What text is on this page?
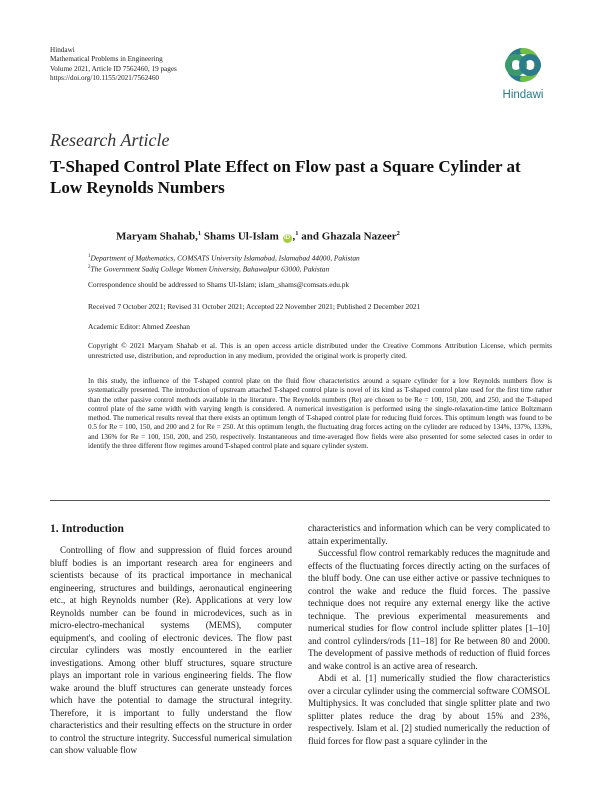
Hindawi
Mathematical Problems in Engineering
Volume 2021, Article ID 7562460, 19 pages
https://doi.org/10.1155/2021/7562460
Hindawi
Research Article
T-Shaped Control Plate Effect on Flow past a Square Cylinder at Low Reynolds Numbers
Maryam Shahab,$^1$ Shams Ul-Islam iD ,$^1$ and Ghazala Nazeer$^2$
$^1$Department of Mathematics, COMSATS University Islamabad, Islamabad 44000, Pakistan
$^2$The Government Sadiq College Women University, Bahawalpur 63000, Pakistan
Correspondence should be addressed to Shams Ul-Islam; islam_shams@comsats.edu.pk
Received 7 October 2021; Revised 31 October 2021; Accepted 22 November 2021; Published 2 December 2021
Academic Editor: Ahmed Zeeshan
Copyright © 2021 Maryam Shahab et al. This is an open access article distributed under the Creative Commons Attribution License, which permits unrestricted use, distribution, and reproduction in any medium, provided the original work is properly cited.
In this study, the influence of the T-shaped control plate on the fluid flow characteristics around a square cylinder for a low Reynolds numbers flow is systematically presented. The introduction of upstream attached T-shaped control plate is novel of its kind as T-shaped control plate used for the first time rather than the other passive control methods available in the literature. The Reynolds numbers (Re) are chosen to be Re = 100, 150, 200, and 250, and the T-shaped control plate of the same width with varying length is considered. A numerical investigation is performed using the single-relaxation-time lattice Boltzmann method. The numerical results reveal that there exists an optimum length of T-shaped control plate for reducing fluid forces. This optimum length was found to be 0.5 for Re = 100, 150, and 200 and 2 for Re = 250. At this optimum length, the fluctuating drag forces acting on the cylinder are reduced by 134%, 137%, 133%, and 136% for Re = 100, 150, 200, and 250, respectively. Instantaneous and time-averaged flow fields were also presented for some selected cases in order to identify the three different flow regimes around T-shaped control plate and square cylinder system.
1. Introduction

Controlling of flow and suppression of fluid forces around bluff bodies is an important research area for engineers and scientists because of its practical importance in mechanical engineering, structures and buildings, aeronautical engineering etc., at high Reynolds number (Re). Applications at very low Reynolds number can be found in microdevices, such as in micro-electro-mechanical systems (MEMS), computer equipment's, and cooling of electronic devices. The flow past circular cylinders was mostly encountered in the earlier investigations. Among other bluff structures, square structure plays an important role in various engineering fields. The flow wake around the bluff structures can generate unsteady forces which have the potential to damage the structural integrity. Therefore, it is important to fully understand the flow characteristics and their resulting effects on the structure in order to control the structure integrity. Successful numerical simulation can show valuable flow

characteristics and information which can be very complicated to attain experimentally.

Successful flow control remarkably reduces the magnitude and effects of the fluctuating forces directly acting on the surfaces of the bluff body. One can use either active or passive techniques to control the wake and reduce the fluid forces. The passive technique does not require any external energy like the active technique. The previous experimental measurements and numerical studies for flow control include splitter plates [1–10] and control cylinders/rods [11–18] for Re between 80 and 2000. The development of passive methods of reduction of fluid forces and wake control is an active area of research.

Abdi et al. [1] numerically studied the flow characteristics over a circular cylinder using the commercial software COMSOL Multiphysics. It was concluded that single splitter plate and two splitter plates reduce the drag by about 15% and 23%, respectively. Islam et al. [2] studied numerically the reduction of fluid forces for flow past a square cylinder in the
